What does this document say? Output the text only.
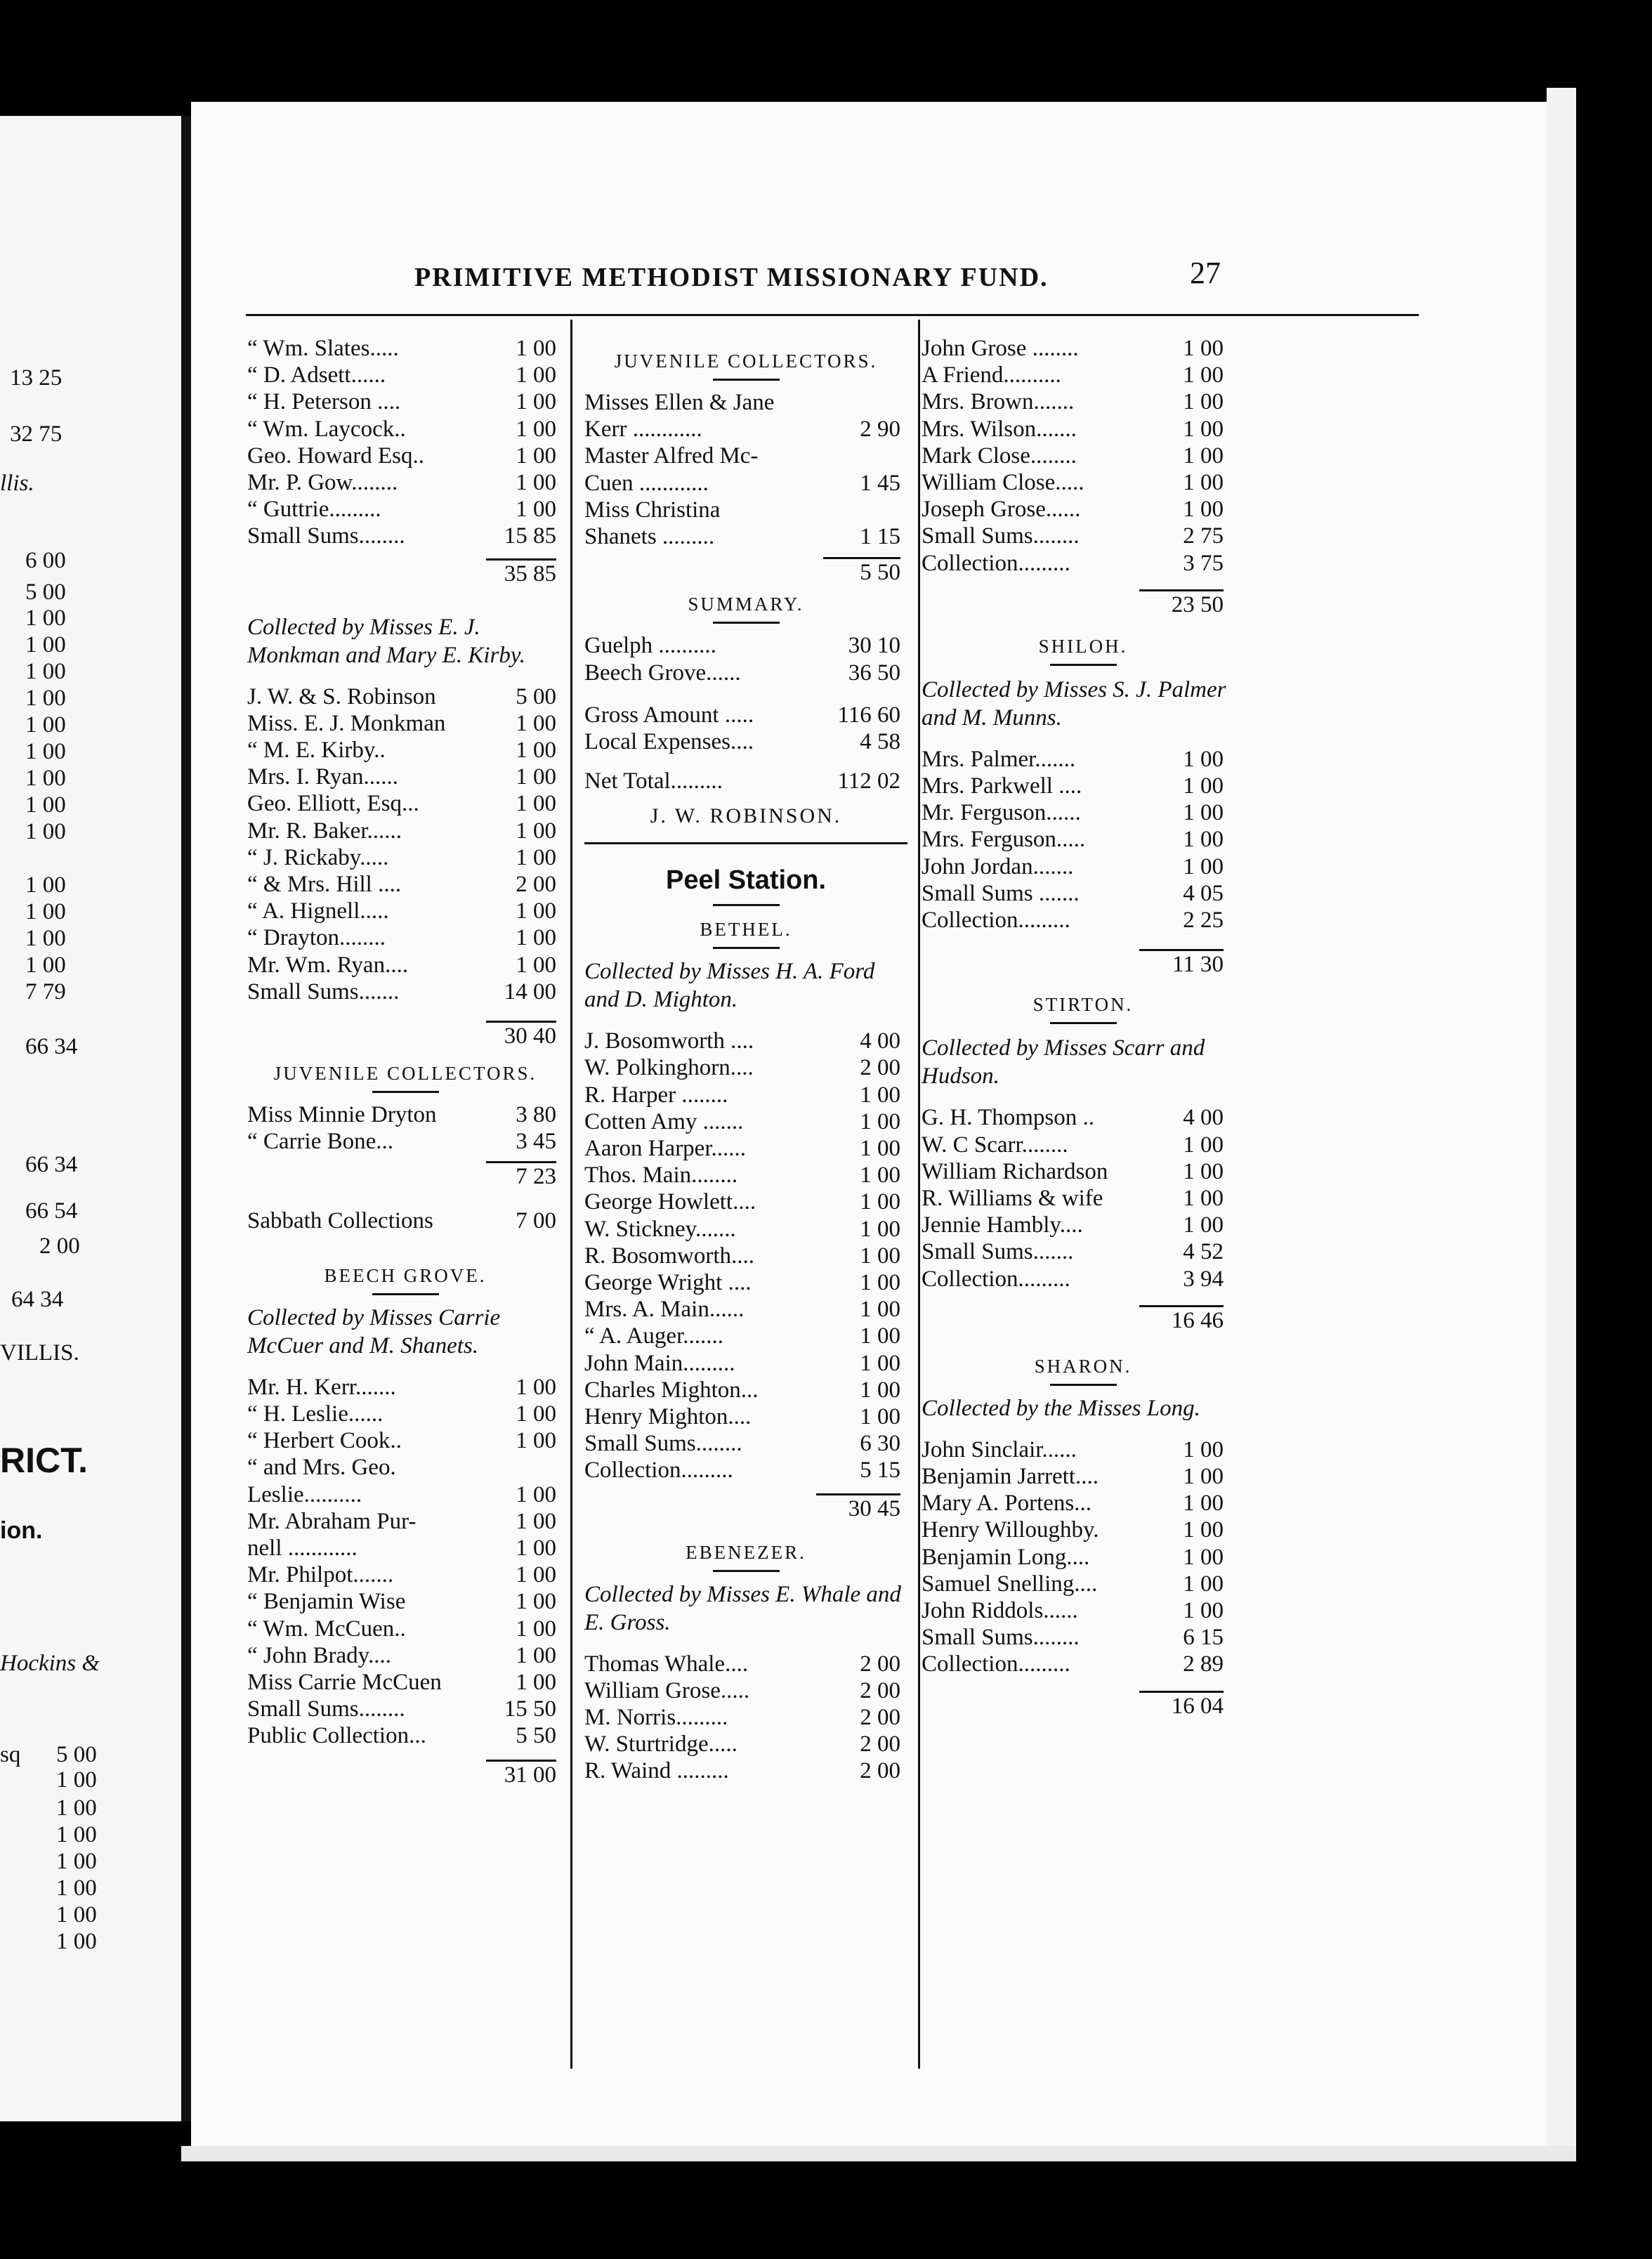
13 25
32 75
llis.
6 00
5 00
1 00
1 00
1 00
1 00
1 00
1 00
1 00
1 00
1 00
1 00
1 00
1 00
1 00
7 79
66 34
66 34
66 54
2 00
64 34
VILLIS.
RICT.
ion.
Hockins &
sq 5 00
1 00
1 00
1 00
1 00
1 00
1 00
1 00
PRIMITIVE METHODIST MISSIONARY FUND.	27
“ Wm. Slates.....	1 00
“ D. Adsett......	1 00
“ H. Peterson ....	1 00
“ Wm. Laycock..	1 00
Geo. Howard Esq..	1 00
Mr. P. Gow........	1 00
“ Guttrie.........	1 00
Small Sums........	15 85
35 85
Collected by Misses E. J. Monkman and Mary E. Kirby.
J. W. & S. Robinson	5 00
Miss. E. J. Monkman	1 00
“ M. E. Kirby..	1 00
Mrs. I. Ryan......	1 00
Geo. Elliott, Esq...	1 00
Mr. R. Baker......	1 00
“ J. Rickaby.....	1 00
“ & Mrs. Hill ....	2 00
“ A. Hignell.....	1 00
“ Drayton........	1 00
Mr. Wm. Ryan....	1 00
Small Sums.......	14 00
30 40
JUVENILE COLLECTORS.
Miss Minnie Dryton	3 80
“ Carrie Bone...	3 45
7 23
Sabbath Collections	7 00
BEECH GROVE.
Collected by Misses Carrie McCuer and M. Shanets.
Mr. H. Kerr.......	1 00
“ H. Leslie......	1 00
“ Herbert Cook..	1 00
“ and Mrs. Geo.
Leslie..........	1 00
Mr. Abraham Pur-	1 00
nell ............	1 00
Mr. Philpot.......	1 00
“ Benjamin Wise	1 00
“ Wm. McCuen..	1 00
“ John Brady....	1 00
Miss Carrie McCuen	1 00
Small Sums........	15 50
Public Collection...	5 50
31 00
JUVENILE COLLECTORS.
Misses Ellen & Jane
Kerr ............	2 90
Master Alfred Mc-
Cuen ............	1 45
Miss Christina
Shanets .........	1 15
5 50
SUMMARY.
Guelph ..........	30 10
Beech Grove......	36 50
Gross Amount .....	116 60
Local Expenses....	4 58
Net Total.........	112 02
J. W. ROBINSON.
Peel Station.
BETHEL.
Collected by Misses H. A. Ford and D. Mighton.
J. Bosomworth ....	4 00
W. Polkinghorn....	2 00
R. Harper ........	1 00
Cotten Amy .......	1 00
Aaron Harper......	1 00
Thos. Main........	1 00
George Howlett....	1 00
W. Stickney.......	1 00
R. Bosomworth....	1 00
George Wright ....	1 00
Mrs. A. Main......	1 00
“ A. Auger.......	1 00
John Main.........	1 00
Charles Mighton...	1 00
Henry Mighton....	1 00
Small Sums........	6 30
Collection.........	5 15
30 45
EBENEZER.
Collected by Misses E. Whale and E. Gross.
Thomas Whale....	2 00
William Grose.....	2 00
M. Norris.........	2 00
W. Sturtridge.....	2 00
R. Waind .........	2 00
John Grose ........	1 00
A Friend..........	1 00
Mrs. Brown.......	1 00
Mrs. Wilson.......	1 00
Mark Close........	1 00
William Close.....	1 00
Joseph Grose......	1 00
Small Sums........	2 75
Collection.........	3 75
23 50
SHILOH.
Collected by Misses S. J. Palmer and M. Munns.
Mrs. Palmer.......	1 00
Mrs. Parkwell ....	1 00
Mr. Ferguson......	1 00
Mrs. Ferguson.....	1 00
John Jordan.......	1 00
Small Sums .......	4 05
Collection.........	2 25
11 30
STIRTON.
Collected by Misses Scarr and Hudson.
G. H. Thompson ..	4 00
W. C Scarr........	1 00
William Richardson	1 00
R. Williams & wife	1 00
Jennie Hambly....	1 00
Small Sums.......	4 52
Collection.........	3 94
16 46
SHARON.
Collected by the Misses Long.
John Sinclair......	1 00
Benjamin Jarrett....	1 00
Mary A. Portens...	1 00
Henry Willoughby.	1 00
Benjamin Long....	1 00
Samuel Snelling....	1 00
John Riddols......	1 00
Small Sums........	6 15
Collection.........	2 89
16 04
